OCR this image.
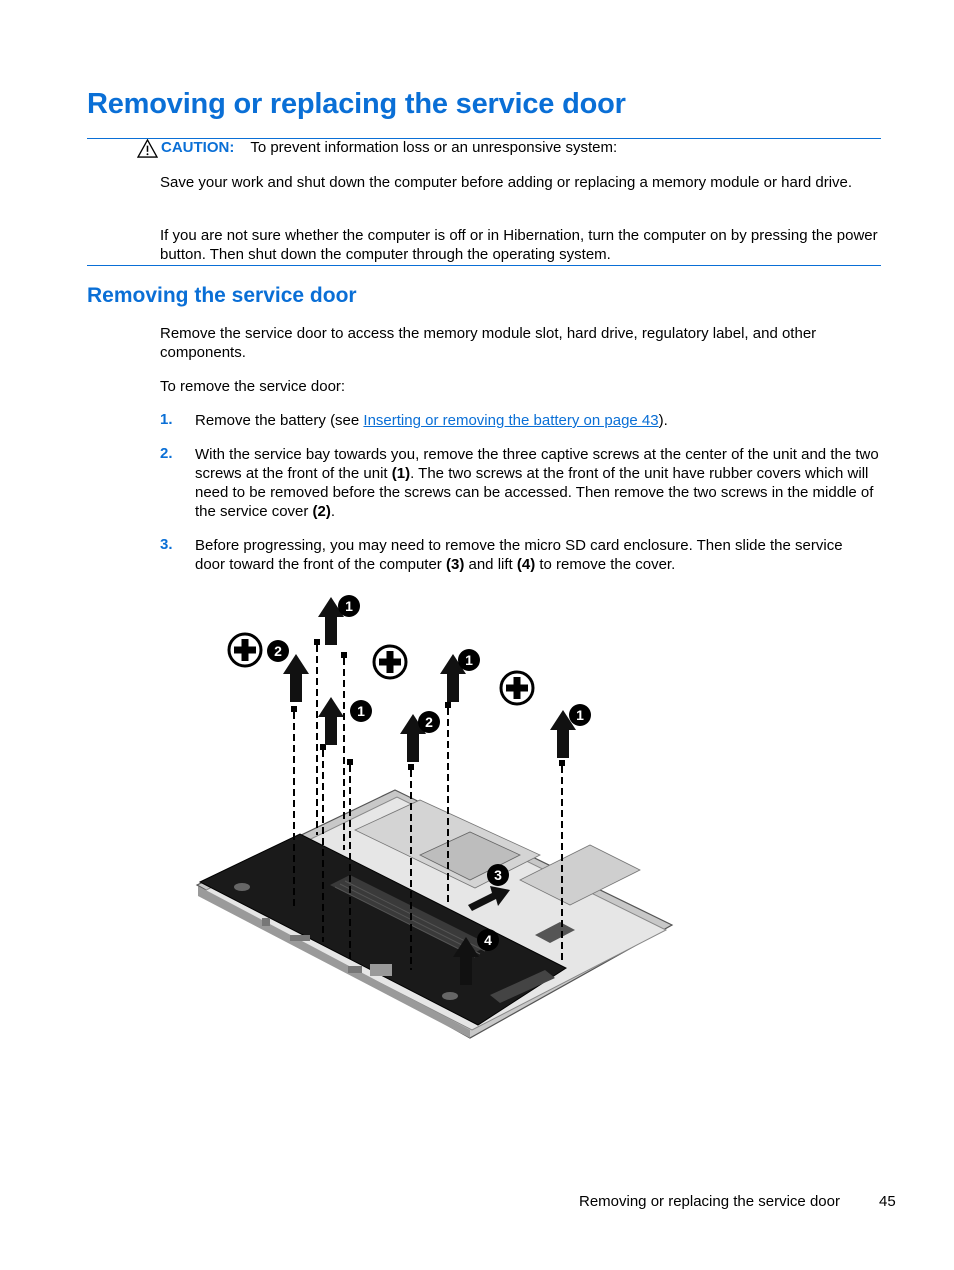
Removing or replacing the service door
CAUTION: To prevent information loss or an unresponsive system:

Save your work and shut down the computer before adding or replacing a memory module or hard drive.

If you are not sure whether the computer is off or in Hibernation, turn the computer on by pressing the power button. Then shut down the computer through the operating system.

Removing the service door

Remove the service door to access the memory module slot, hard drive, regulatory label, and other components.

To remove the service door:

1. Remove the battery (see Inserting or removing the battery on page 43).

2. With the service bay towards you, remove the three captive screws at the center of the unit and the two screws at the front of the unit (1). The two screws at the front of the unit have rubber covers which will need to be removed before the screws can be accessed. Then remove the two screws in the middle of the service cover (2).

3. Before progressing, you may need to remove the micro SD card enclosure. Then slide the service door toward the front of the computer (3) and lift (4) to remove the cover.

1
2
1
1
2	1
3
4
Removing or replacing the service door	45
